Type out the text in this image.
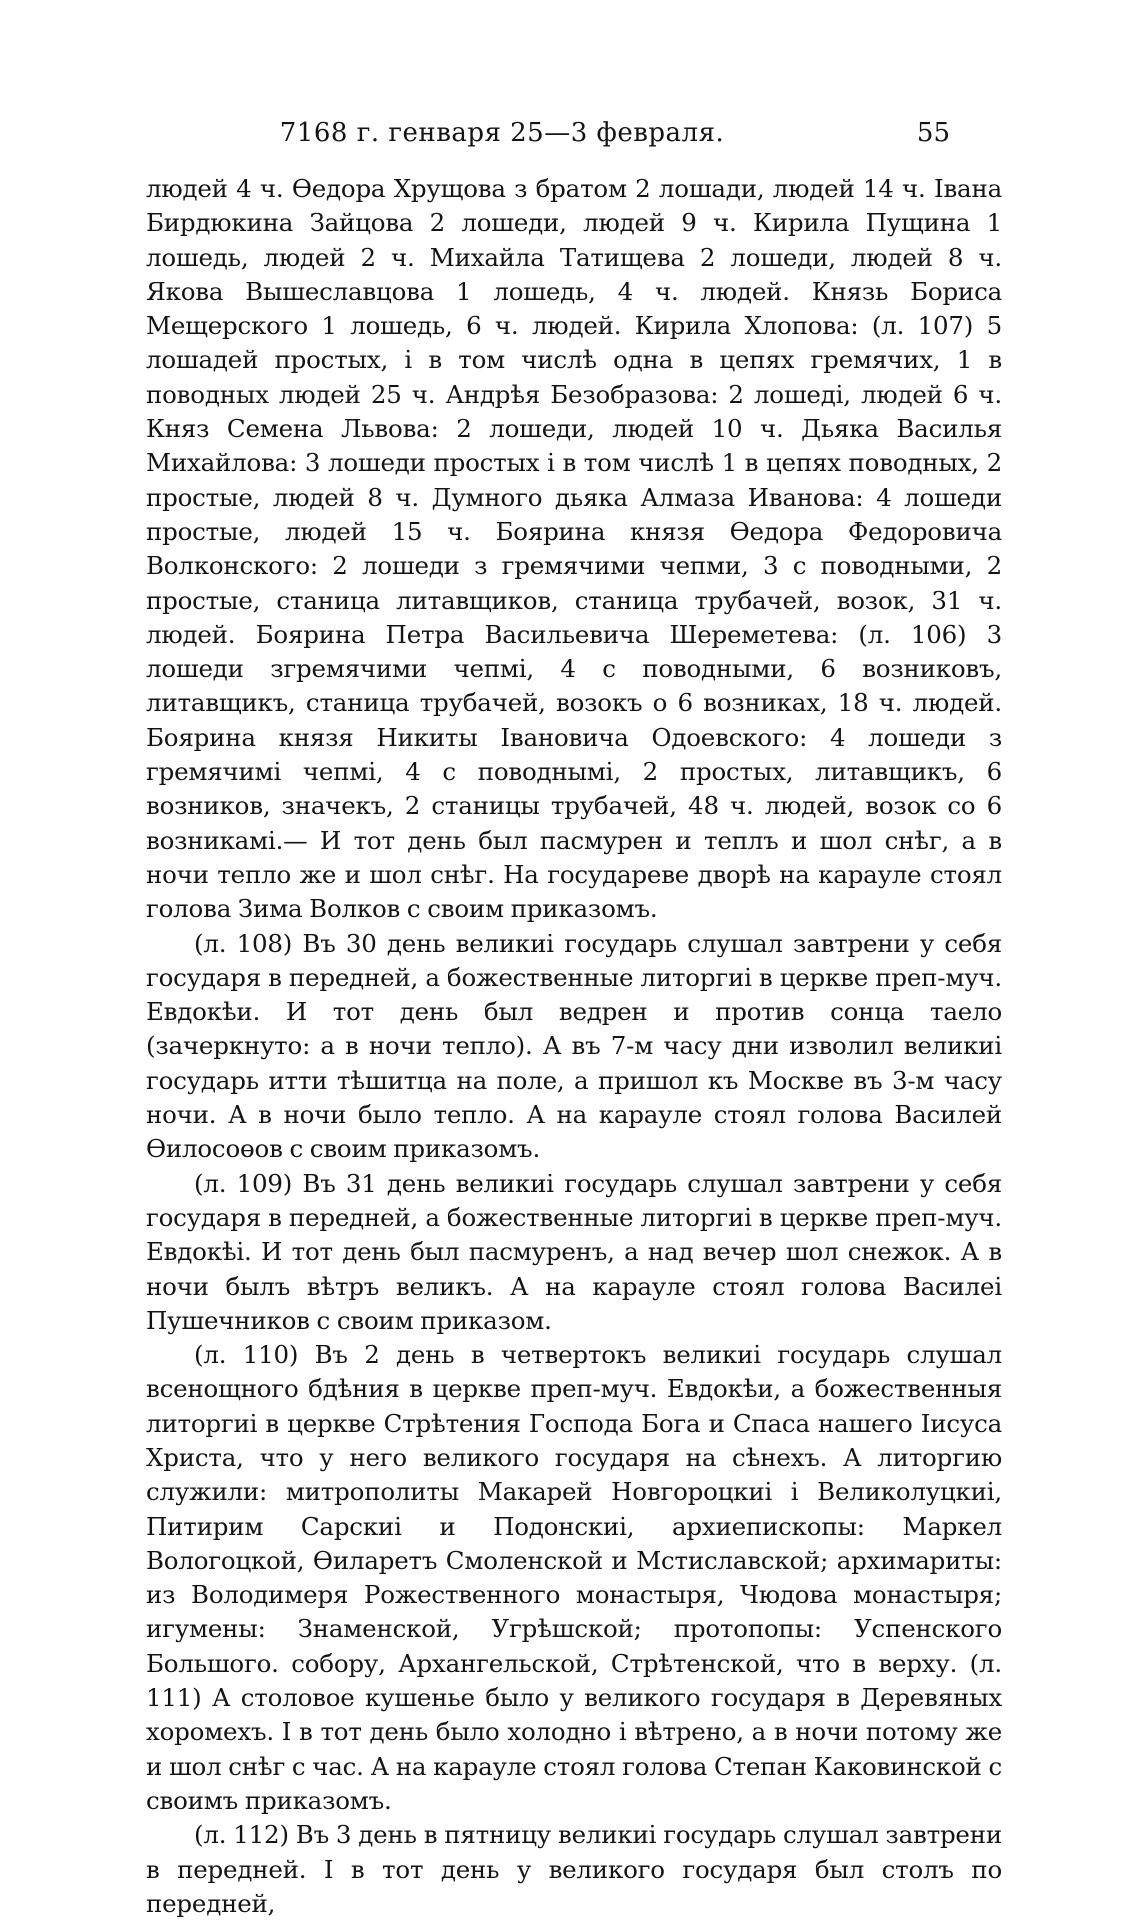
7168 г. генваря 25—3 февраля.	55

людей 4 ч. Өедора Хрущова з братом 2 лошади, людей 14 ч. Івана Бирдюкина Зайцова 2 лошеди, людей 9 ч. Кирила Пущина 1 лошедь, людей 2 ч. Михайла Татищева 2 лошеди, людей 8 ч. Якова Вышеславцова 1 лошедь, 4 ч. людей. Князь Бориса Мещерского 1 лошедь, 6 ч. людей. Кирила Хлопова: (л. 107) 5 лошадей простых, і в том числѣ одна в цепях гремячих, 1 в поводных людей 25 ч. Андрѣя Безобразова: 2 лошеді, людей 6 ч. Княз Семена Львова: 2 лошеди, людей 10 ч. Дьяка Василья Михайлова: 3 лошеди простых і в том числѣ 1 в цепях поводных, 2 простые, людей 8 ч. Думного дьяка Алмаза Иванова: 4 лошеди простые, людей 15 ч. Боярина князя Өедора Федоровича Волконского: 2 лошеди з гремячими чепми, 3 с поводными, 2 простые, станица литавщиков, станица трубачей, возок, 31 ч. людей. Боярина Петра Васильевича Шереметева: (л. 106) 3 лошеди згремячими чепмі, 4 с поводными, 6 возниковъ, литавщикъ, станица трубачей, возокъ о 6 возниках, 18 ч. людей. Боярина князя Никиты Івановича Одоевского: 4 лошеди з гремячимі чепмі, 4 с поводнымі, 2 простых, литавщикъ, 6 возников, значекъ, 2 станицы трубачей, 48 ч. людей, возок со 6 возникамі.— И тот день был пасмурен и теплъ и шол снѣг, а в ночи тепло же и шол снѣг. На государеве дворѣ на карауле стоял голова Зима Волков с своим приказомъ.

(л. 108) Въ 30 день великиі государь слушал завтрени у себя государя в передней, а божественные литоргиі в церкве преп-муч. Евдокѣи. И тот день был ведрен и против сонца таело (зачеркнуто: а в ночи тепло). А въ 7-м часу дни изволил великиі государь итти тѣшитца на поле, а пришол къ Москве въ 3-м часу ночи. А в ночи было тепло. А на карауле стоял голова Василей Өилосоөов с своим приказомъ.

(л. 109) Въ 31 день великиі государь слушал завтрени у себя государя в передней, а божественные литоргиі в церкве преп-муч. Евдокѣі. И тот день был пасмуренъ, а над вечер шол снежок. А в ночи былъ вѣтръ великъ. А на карауле стоял голова Василеі Пушечников с своим приказом.

(л. 110) Въ 2 день в четвертокъ великиі государь слушал всенощного бдѣния в церкве преп-муч. Евдокѣи, а божественныя литоргиі в церкве Стрѣтения Господа Бога и Спаса нашего Іисуса Христа, что у него великого государя на сѣнехъ. А литоргию служили: митрополиты Макарей Новгороцкиі і Великолуцкиі, Питирим Сарскиі и Подонскиі, архиепископы: Маркел Вологоцкой, Өиларетъ Смоленской и Мстиславской; архимариты: из Володимеря Рожественного монастыря, Чюдова монастыря; игумены: Знаменской, Угрѣшской; протопопы: Успенского Большого. собору, Архангельской, Стрѣтенской, что в верху. (л. 111) А столовое кушенье было у великого государя в Деревяных хоромехъ. І в тот день было холодно і вѣтрено, а в ночи потому же и шол снѣг с час. А на карауле стоял голова Степан Каковинской с своимъ приказомъ.

(л. 112) Въ 3 день в пятницу великиі государь слушал завтрени в передней. І в тот день у великого государя был столъ по передней,
